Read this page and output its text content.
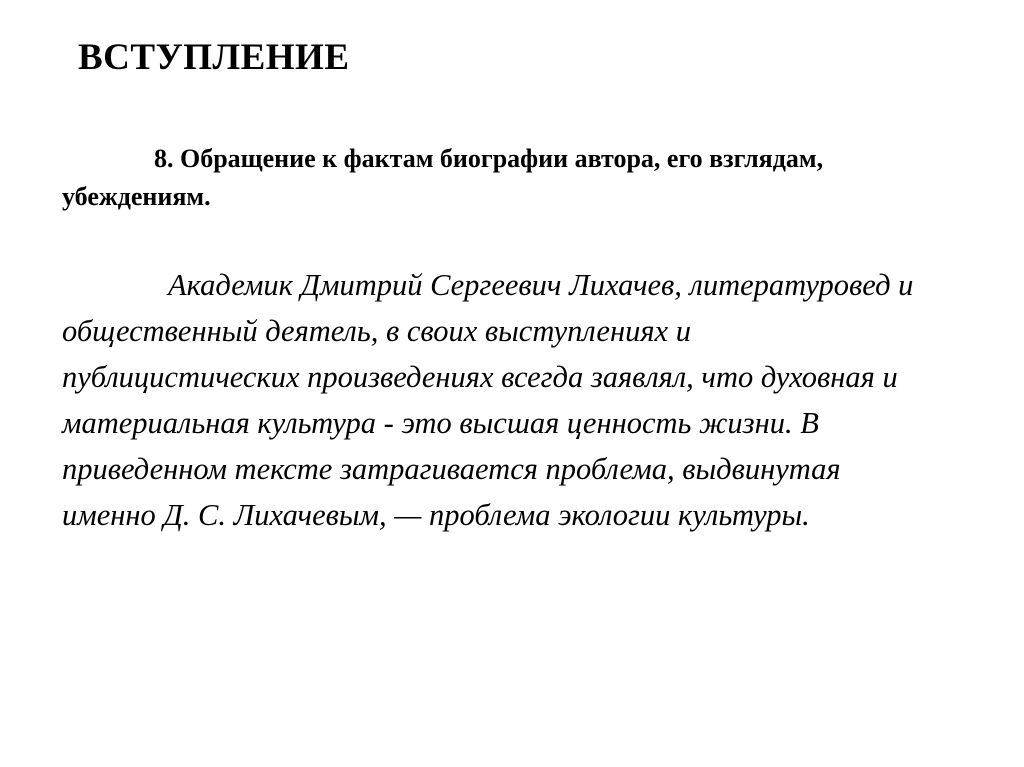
ВСТУПЛЕНИЕ
8. Обращение к фактам биографии автора, его взглядам, убеждениям.
Академик Дмитрий Сергеевич Лихачев, литературовед и общественный деятель, в своих выступлениях и публицистических произведениях всегда заявлял, что духовная и материальная культура - это высшая ценность жизни. В приведенном тексте затрагивается проблема, выдвинутая именно Д. С. Лихачевым, — проблема экологии культуры.
